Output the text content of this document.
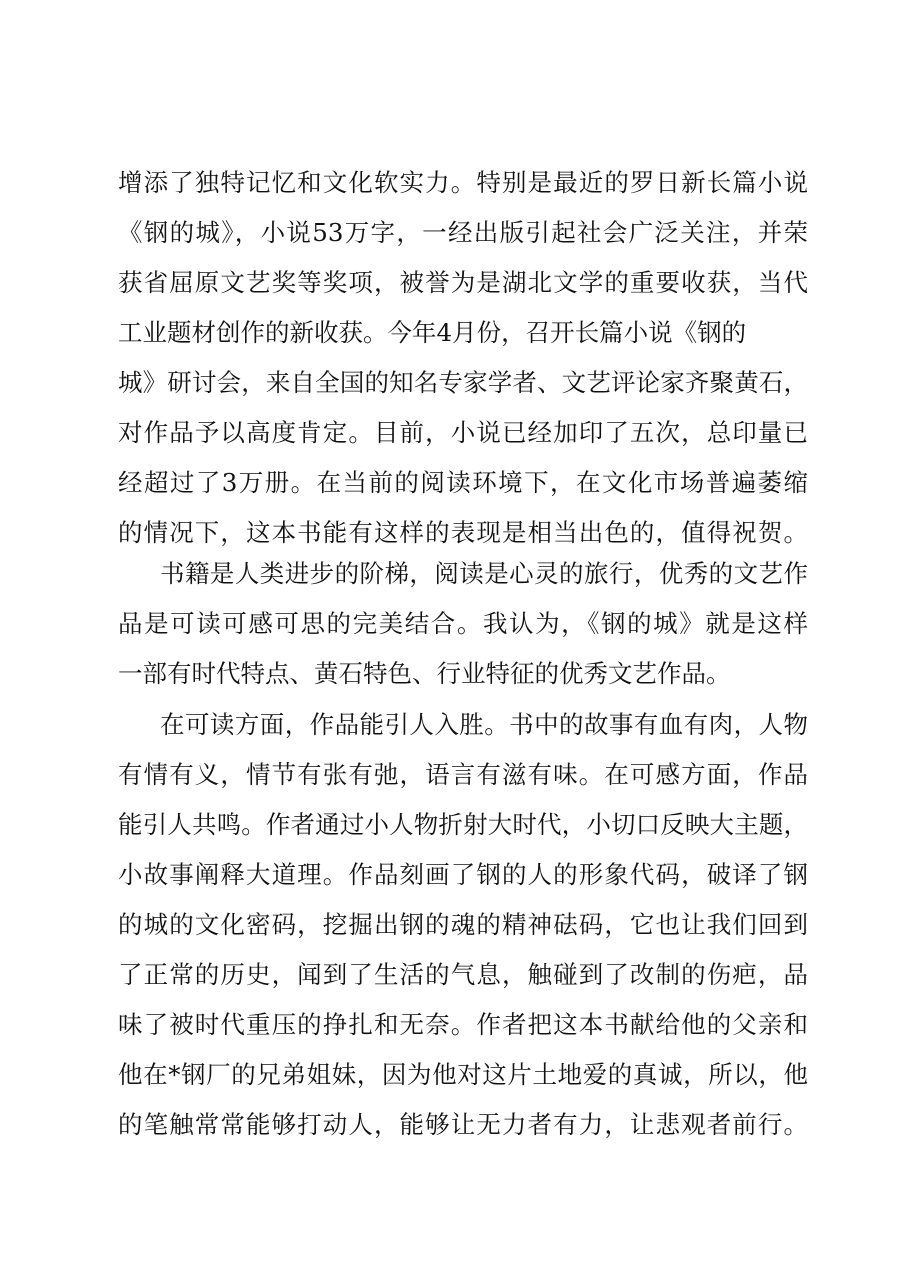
增添了独特记忆和文化软实力。特别是最近的罗日新长篇小说
《钢的城》，小说53万字，一经出版引起社会广泛关注，并荣
获省屈原文艺奖等奖项，被誉为是湖北文学的重要收获，当代
工业题材创作的新收获。今年4月份，召开长篇小说《钢的
城》研讨会，来自全国的知名专家学者、文艺评论家齐聚黄石，
对作品予以高度肯定。目前，小说已经加印了五次，总印量已
经超过了3万册。在当前的阅读环境下，在文化市场普遍萎缩
的情况下，这本书能有这样的表现是相当出色的，值得祝贺。
书籍是人类进步的阶梯，阅读是心灵的旅行，优秀的文艺作
品是可读可感可思的完美结合。我认为，《钢的城》就是这样
一部有时代特点、黄石特色、行业特征的优秀文艺作品。
在可读方面，作品能引人入胜。书中的故事有血有肉，人物
有情有义，情节有张有弛，语言有滋有味。在可感方面，作品
能引人共鸣。作者通过小人物折射大时代，小切口反映大主题，
小故事阐释大道理。作品刻画了钢的人的形象代码，破译了钢
的城的文化密码，挖掘出钢的魂的精神砝码，它也让我们回到
了正常的历史，闻到了生活的气息，触碰到了改制的伤疤，品
味了被时代重压的挣扎和无奈。作者把这本书献给他的父亲和
他在*钢厂的兄弟姐妹，因为他对这片土地爱的真诚，所以，他
的笔触常常能够打动人，能够让无力者有力，让悲观者前行。
